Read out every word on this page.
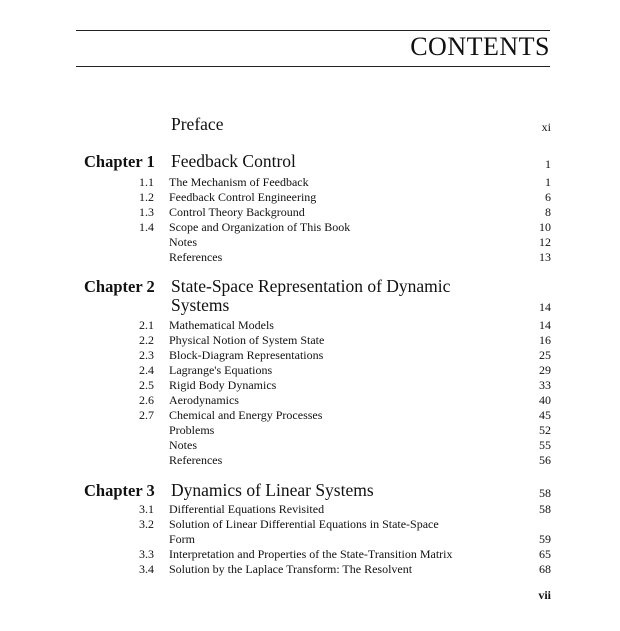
CONTENTS
Preface	xi
Chapter 1 Feedback Control	1
1.1 The Mechanism of Feedback	1
1.2 Feedback Control Engineering	6
1.3 Control Theory Background	8
1.4 Scope and Organization of This Book	10
Notes	12
References	13
Chapter 2 State-Space Representation of Dynamic
Systems	14
2.1 Mathematical Models	14
2.2 Physical Notion of System State	16
2.3 Block-Diagram Representations	25
2.4 Lagrange's Equations	29
2.5 Rigid Body Dynamics	33
2.6 Aerodynamics	40
2.7 Chemical and Energy Processes	45
Problems	52
Notes	55
References	56
Chapter 3 Dynamics of Linear Systems	58
3.1 Differential Equations Revisited	58
3.2 Solution of Linear Differential Equations in State-Space
Form	59
3.3 Interpretation and Properties of the State-Transition Matrix	65
3.4 Solution by the Laplace Transform: The Resolvent	68
vii
